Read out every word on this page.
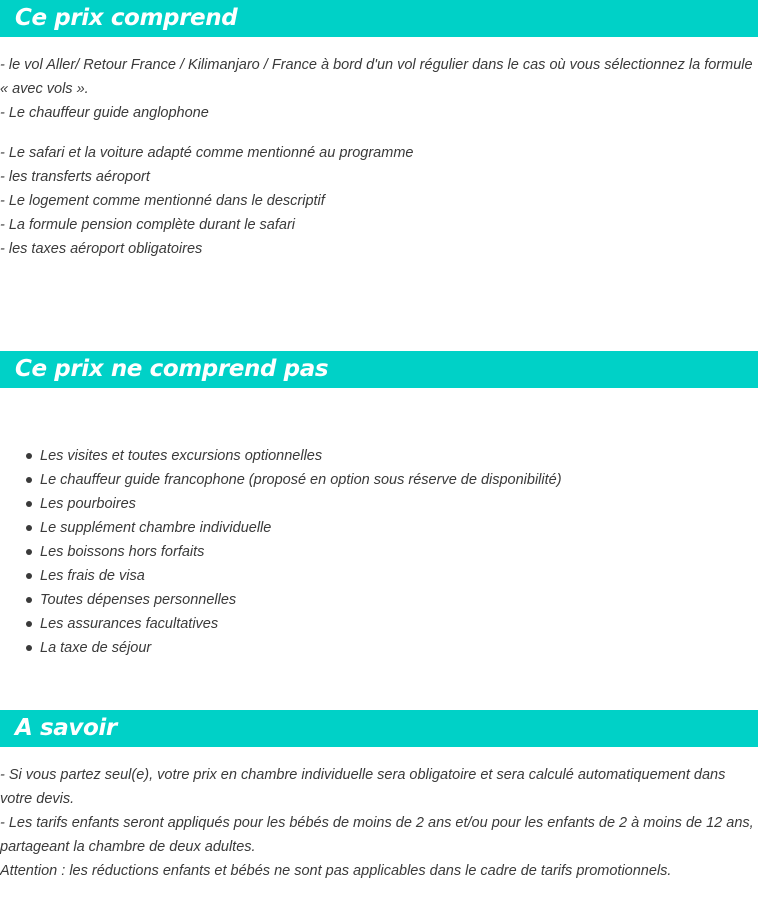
Ce prix comprend
- le vol Aller/ Retour France / Kilimanjaro / France à bord d'un vol régulier dans le cas où vous sélectionnez la formule « avec vols ».
- Le chauffeur guide anglophone
- Le safari et la voiture adapté comme mentionné au programme
- les transferts aéroport
- Le logement comme mentionné dans le descriptif
- La formule pension complète durant le safari
- les taxes aéroport obligatoires
Ce prix ne comprend pas
Les visites et toutes excursions optionnelles
Le chauffeur guide francophone (proposé en option sous réserve de disponibilité)
Les pourboires
Le supplément chambre individuelle
Les boissons hors forfaits
Les frais de visa
Toutes dépenses personnelles
Les assurances facultatives
La taxe de séjour
A savoir
- Si vous partez seul(e), votre prix en chambre individuelle sera obligatoire et sera calculé automatiquement dans votre devis.
- Les tarifs enfants seront appliqués pour les bébés de moins de 2 ans et/ou pour les enfants de 2 à moins de 12 ans, partageant la chambre de deux adultes.
Attention : les réductions enfants et bébés ne sont pas applicables dans le cadre de tarifs promotionnels.
